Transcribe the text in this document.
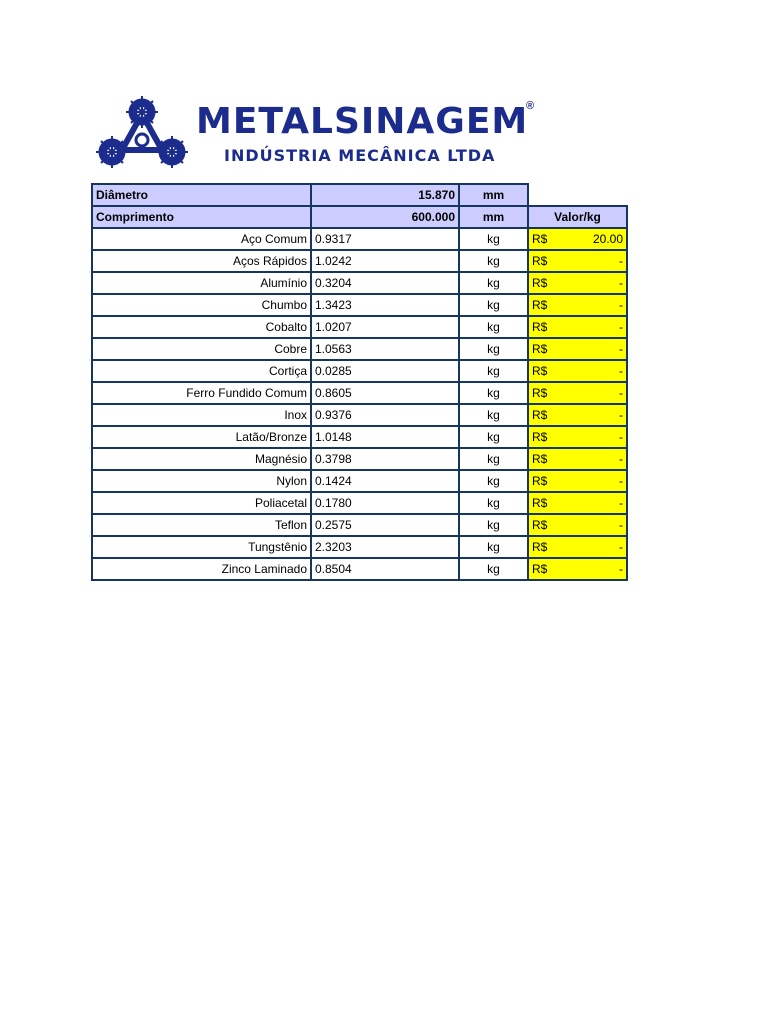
METALSINAGEM
®
INDÚSTRIA MECÂNICA LTDA
Diâmetro	15.870	mm	
Comprimento	600.000	mm	Valor/kg
Aço Comum	0.9317	kg	R$ 20.00

Aços Rápidos	1.0242	kg	R$ -

Alumínio	0.3204	kg	R$ -

Chumbo	1.3423	kg	R$ -

Cobalto	1.0207	kg	R$ -

Cobre	1.0563	kg	R$ -

Cortiça	0.0285	kg	R$ -

Ferro Fundido Comum	0.8605	kg	R$ -

Inox	0.9376	kg	R$ -

Latão/Bronze	1.0148	kg	R$ -

Magnésio	0.3798	kg	R$ -

Nylon	0.1424	kg	R$ -

Poliacetal	0.1780	kg	R$ -

Teflon	0.2575	kg	R$ -

Tungstênio	2.3203	kg	R$ -

Zinco Laminado	0.8504	kg	R$ -
